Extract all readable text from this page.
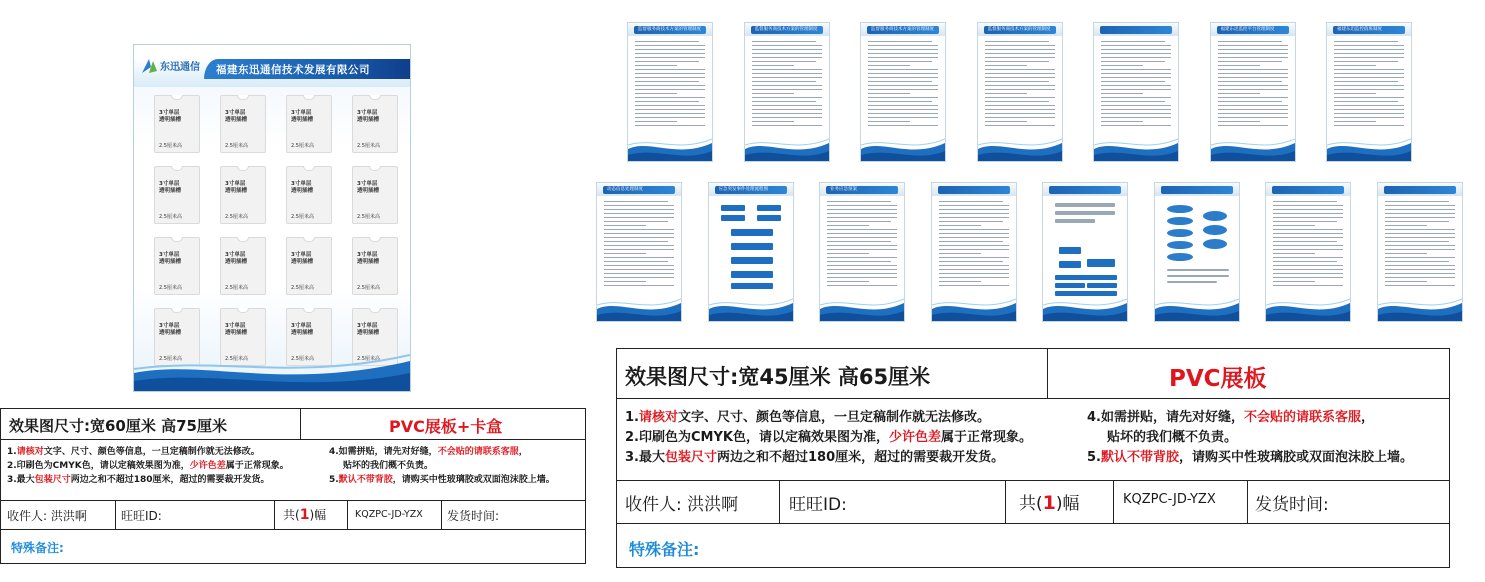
东迅通信 福建东迅通信技术发展有限公司
3寸单层
透明插槽
2.5厘米高
3寸单层
透明插槽
2.5厘米高
3寸单层
透明插槽
2.5厘米高
3寸单层
透明插槽
2.5厘米高
3寸单层
透明插槽
2.5厘米高
3寸单层
透明插槽
2.5厘米高
3寸单层
透明插槽
2.5厘米高
3寸单层
透明插槽
2.5厘米高
3寸单层
透明插槽
2.5厘米高
3寸单层
透明插槽
2.5厘米高
3寸单层
透明插槽
2.5厘米高
3寸单层
透明插槽
2.5厘米高
3寸单层
透明插槽
2.5厘米高
3寸单层
透明插槽
2.5厘米高
3寸单层
透明插槽
2.5厘米高
3寸单层
透明插槽
2.5厘米高
监督服务商技术方案的管理制度	监督服务商技术方案的管理制度	监督服务商技术方案的管理制度	监督服务商技术方案的管理制度	福建东迅监控平台管理制度	福建东迅监控值班制度
动态信息处理制度	应急突发事件处理流程图	业务应急预案
效果图尺寸:宽60厘米 高75厘米	PVC展板+卡盒
1.请核对文字、尺寸、颜色等信息，一旦定稿制作就无法修改。
2.印刷色为CMYK色，请以定稿效果图为准，少许色差属于正常现象。
3.最大包装尺寸两边之和不超过180厘米，超过的需要裁开发货。
4.如需拼贴，请先对好缝，不会贴的请联系客服，
贴坏的我们概不负责。
5.默认不带背胶，请购买中性玻璃胶或双面泡沫胶上墙。
收件人: 洪洪啊	旺旺ID:	共(1)幅	KQZPC-JD-YZX 发货时间:
特殊备注:
效果图尺寸:宽45厘米 高65厘米	PVC展板
1.请核对文字、尺寸、颜色等信息，一旦定稿制作就无法修改。
2.印刷色为CMYK色，请以定稿效果图为准，少许色差属于正常现象。
3.最大包装尺寸两边之和不超过180厘米，超过的需要裁开发货。
4.如需拼贴，请先对好缝，不会贴的请联系客服，
贴坏的我们概不负责。
5.默认不带背胶，请购买中性玻璃胶或双面泡沫胶上墙。
收件人: 洪洪啊	旺旺ID:	共(1)幅	KQZPC-JD-YZX 发货时间:
特殊备注:
